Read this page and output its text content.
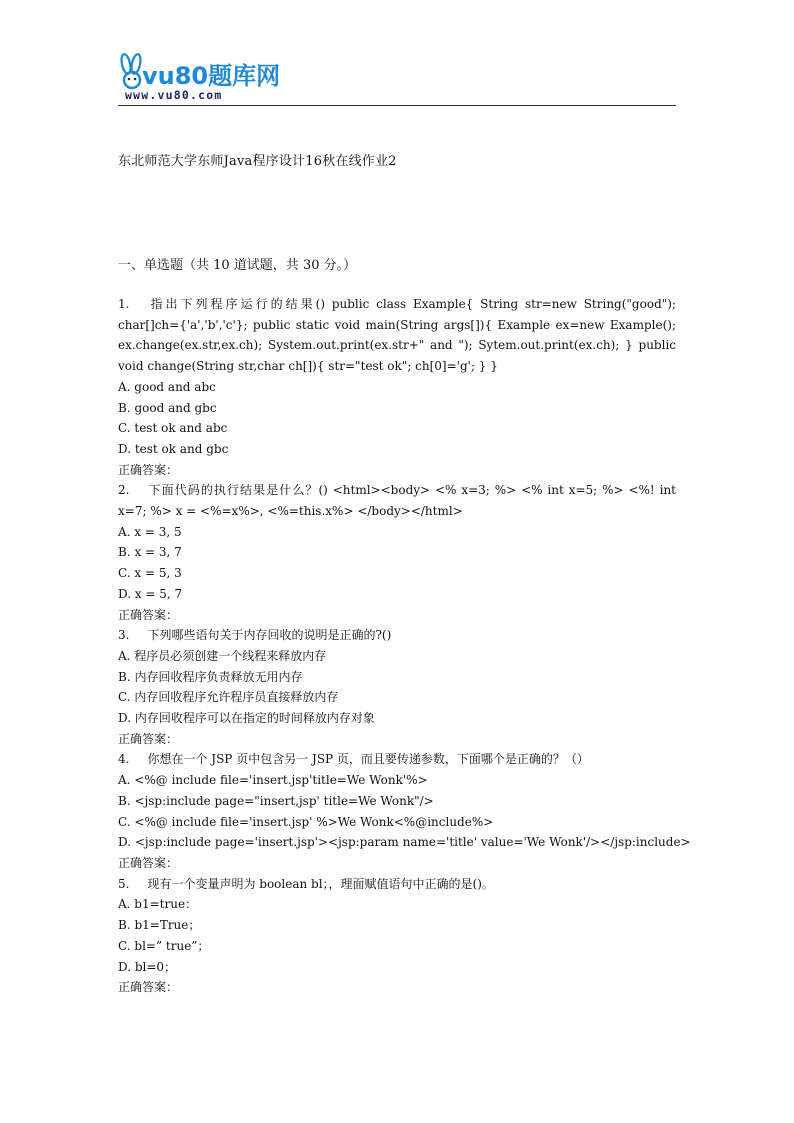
vu80题库网
www.vu80.com
东北师范大学东师Java程序设计16秋在线作业2
一、单选题（共 10 道试题，共 30 分。）
1. 指出下列程序运行的结果() public class Example{ String str=new String("good"); char[]ch={'a','b','c'}; public static void main(String args[]){ Example ex=new Example(); ex.change(ex.str,ex.ch); System.out.print(ex.str+" and "); Sytem.out.print(ex.ch); } public void change(String str,char ch[]){ str="test ok"; ch[0]='g'; } }
A. good and abc
B. good and gbc
C. test ok and abc
D. test ok and gbc
正确答案：
2. 下面代码的执行结果是什么？() <html><body> <% x=3; %> <% int x=5; %> <%! int x=7; %> x = <%=x%>, <%=this.x%> </body></html>
A. x = 3, 5
B. x = 3, 7
C. x = 5, 3
D. x = 5, 7
正确答案：
3. 下列哪些语句关于内存回收的说明是正确的?()
A. 程序员必须创建一个线程来释放内存
B. 内存回收程序负责释放无用内存
C. 内存回收程序允许程序员直接释放内存
D. 内存回收程序可以在指定的时间释放内存对象
正确答案：
4. 你想在一个 JSP 页中包含另一 JSP 页，而且要传递参数，下面哪个是正确的？（）
A. <%@ include file='insert.jsp'title=We Wonk'%>
B. <jsp:include page="insert,jsp' title=We Wonk"/>
C. <%@ include file='insert.jsp' %>We Wonk<%@include%>
D. <jsp:include page='insert.jsp'><jsp:param name='title' value='We Wonk'/></jsp:include>
正确答案：
5. 现有一个变量声明为 boolean bl；，理面赋值语句中正确的是()。
A. b1=true：
B. b1=True；
C. bl=” true”；
D. bl=0；
正确答案：
